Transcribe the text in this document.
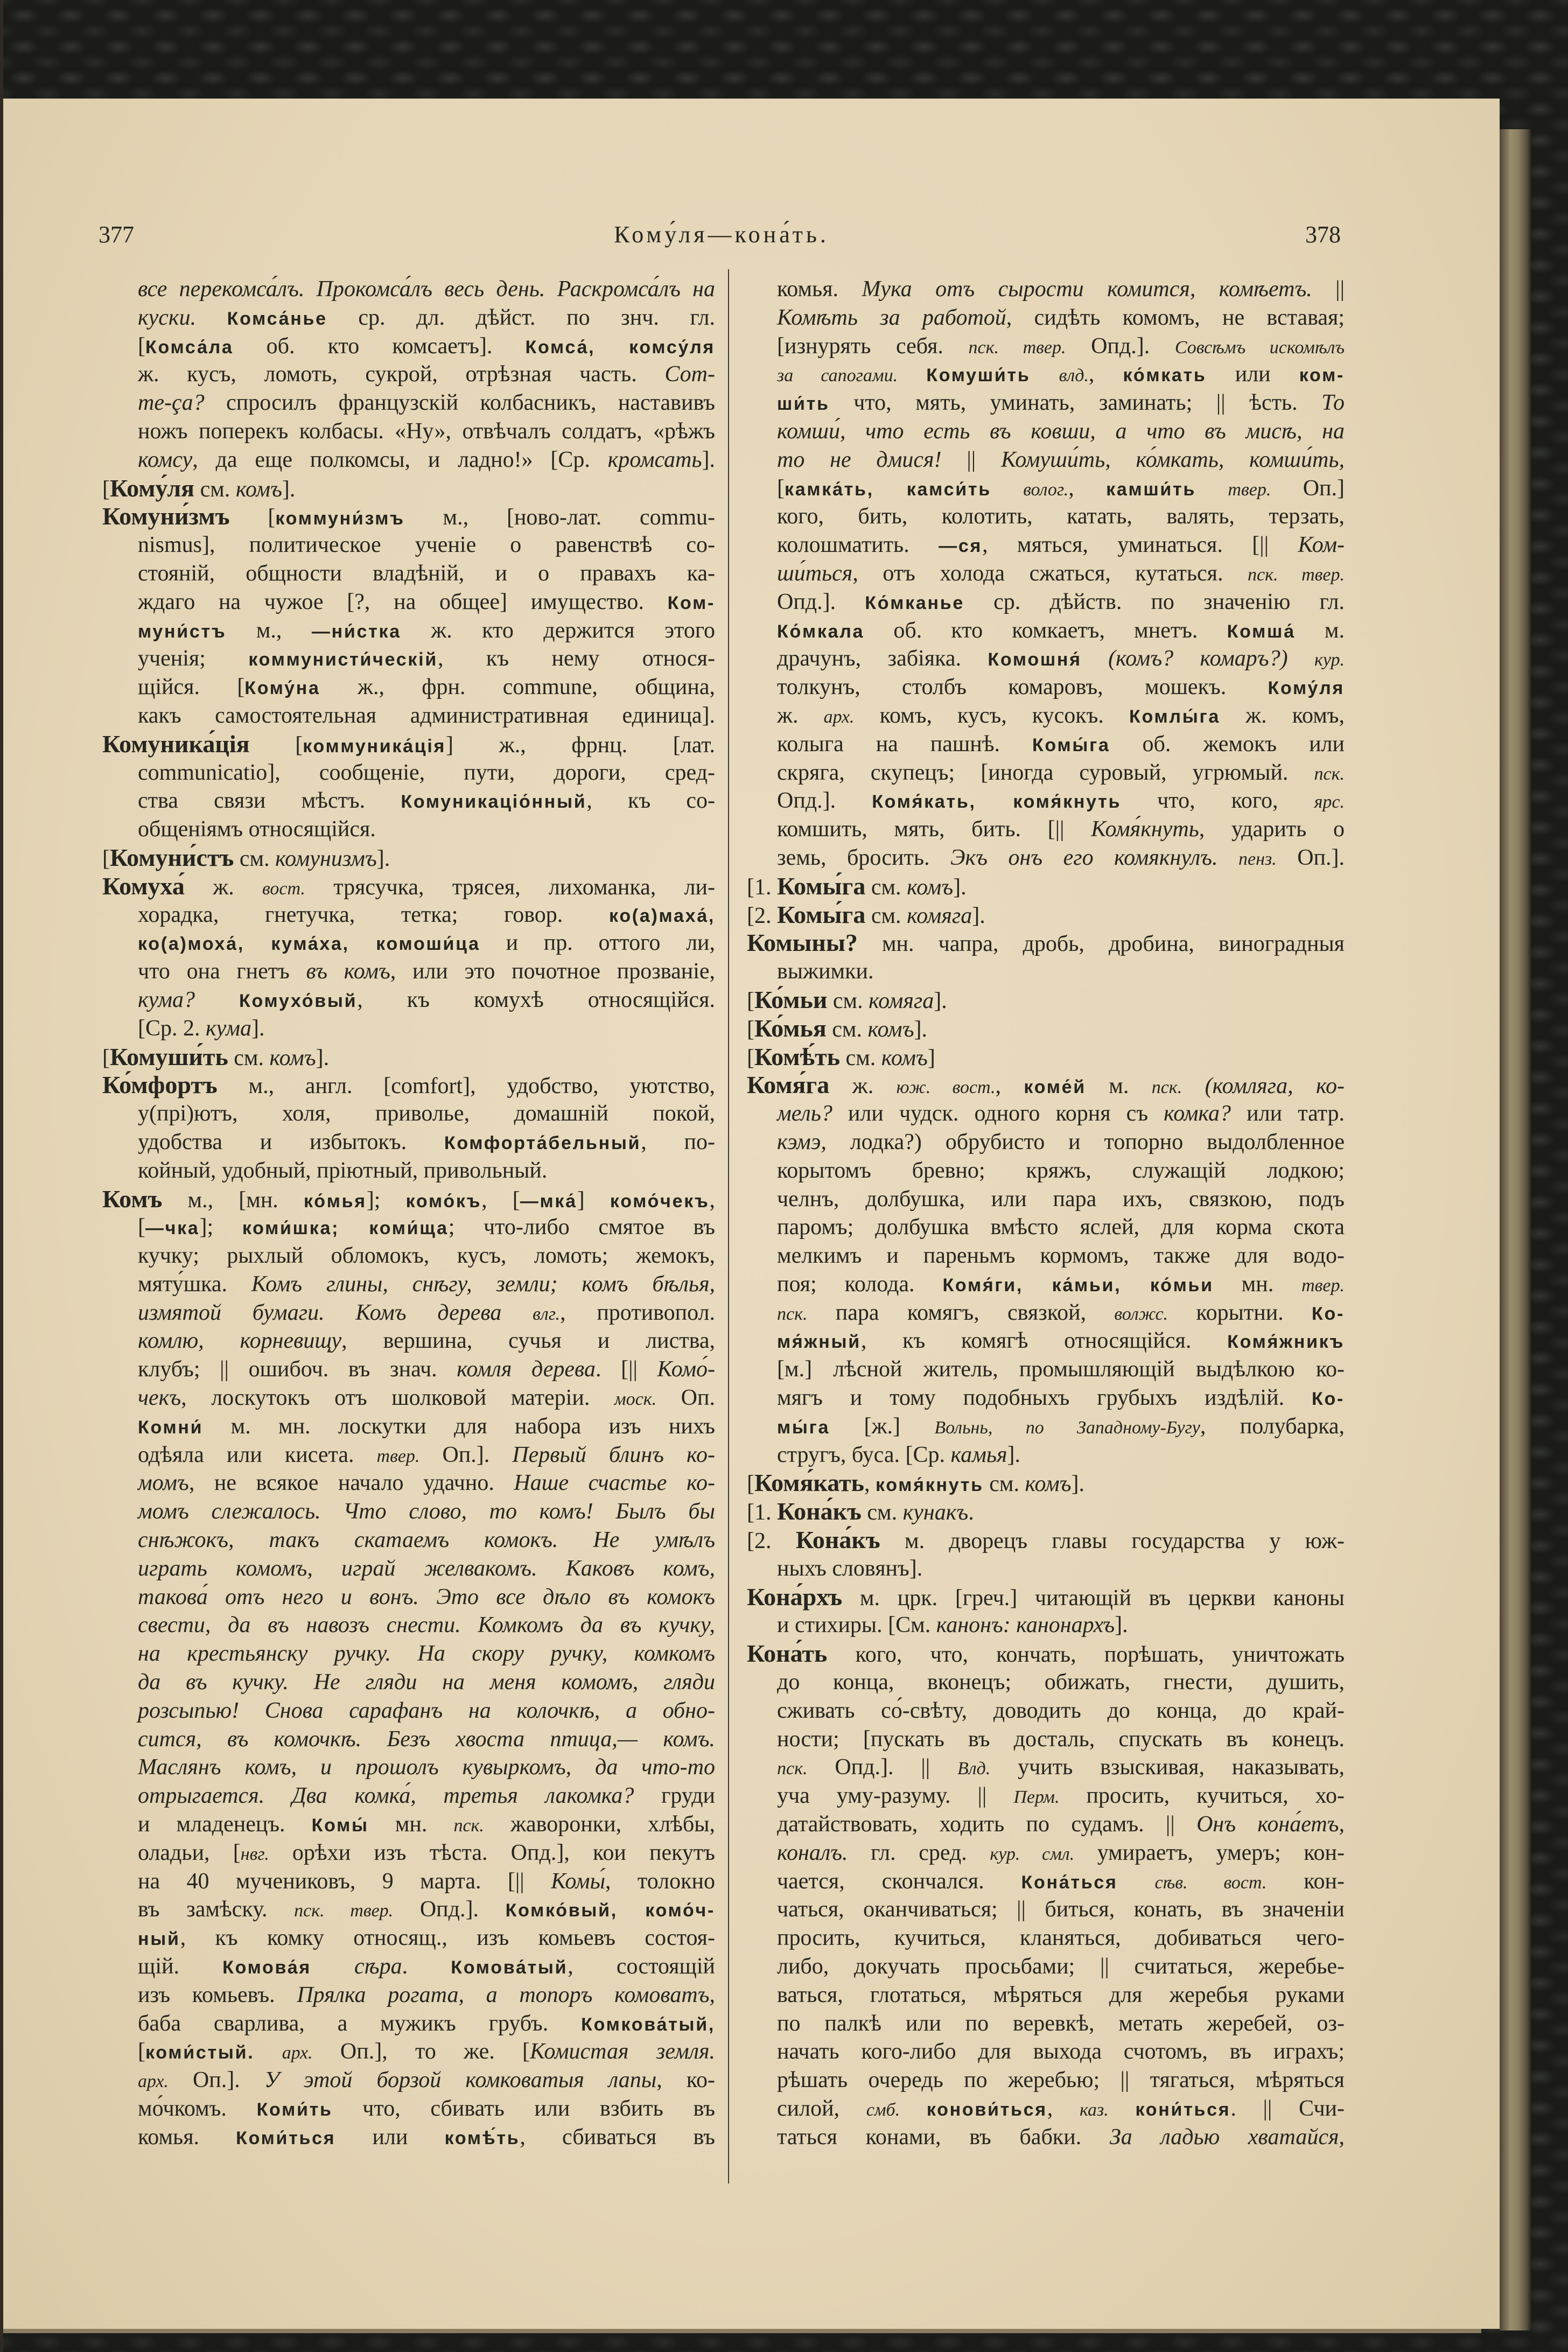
377	Кому́ля—кона́ть.	378
все перекомса́лъ. Прокомса́лъ весь день. Раскромса́лъ на
куски. Комса́нье ср. дл. дѣйст. по знч. гл.
[Комса́ла об. кто комсаетъ]. Комса́, комсу́ля
ж. кусъ, ломоть, сукрой, отрѣзная часть. Сот-
те-ça? спросилъ французскій колбасникъ, наставивъ
ножъ поперекъ колбасы. «Ну», отвѣчалъ солдатъ, «рѣжъ
комсу, да еще полкомсы, и ладно!» [Ср. кромсать].
[Кому́ля см. комъ].
Комуни́змъ [коммуни́змъ м., [ново-лат. commu-
nismus], политическое ученіе о равенствѣ со-
стояній, общности владѣній, и о правахъ ка-
ждаго на чужое [?, на общее] имущество. Ком-
муни́стъ м., —ни́стка ж. кто держится этого
ученія; коммунисти́ческій, къ нему относя-
щійся. [Кому́на ж., фрн. commune, община,
какъ самостоятельная административная единица].
Комуника́ція [коммуника́ція] ж., фрнц. [лат.
communicatio], сообщеніе, пути, дороги, сред-
ства связи мѣстъ. Комуникаціо́нный, къ со-
общеніямъ относящійся.
[Комуни́стъ см. комунизмъ].
Комуха́ ж. вост. трясучка, трясея, лихоманка, ли-
хорадка, гнетучка, тетка; говор. ко(а)маха́,
ко(а)моха́, кума́ха, комоши́ца и пр. оттого ли,
что она гнетъ въ комъ, или это почотное прозваніе,
кума? Комухо́вый, къ комухѣ относящійся.
[Ср. 2. кума].
[Комуши́ть см. комъ].
Ко́мфортъ м., англ. [comfort], удобство, уютство,
у(прі)ютъ, холя, приволье, домашній покой,
удобства и избытокъ. Комфорта́бельный, по-
койный, удобный, пріютный, привольный.
Комъ м., [мн. ко́мья]; комо́къ, [—мка́] комо́чекъ,
[—чка]; коми́шка; коми́ща; что-либо смятое въ
кучку; рыхлый обломокъ, кусъ, ломоть; жемокъ,
мяту́шка. Комъ глины, снѣгу, земли; комъ бѣлья,
измятой бумаги. Комъ дерева влг., противопол.
комлю, корневищу, вершина, сучья и листва,
клубъ; || ошибоч. въ знач. комля дерева. [|| Комо́-
чекъ, лоскутокъ отъ шолковой матеріи. моск. Оп.
Комни́ м. мн. лоскутки для набора изъ нихъ
одѣяла или кисета. твер. Оп.]. Первый блинъ ко-
момъ, не всякое начало удачно. Наше счастье ко-
момъ слежалось. Что слово, то комъ! Былъ бы
снѣжокъ, такъ скатаемъ комокъ. Не умѣлъ
играть комомъ, играй желвакомъ. Каковъ комъ,
такова́ отъ него и вонъ. Это все дѣло въ комокъ
свести, да въ навозъ снести. Комкомъ да въ кучку,
на крестьянску ручку. На скору ручку, комкомъ
да въ кучку. Не гляди на меня комомъ, гляди
розсыпью! Снова сарафанъ на колочкѣ, а обно-
сится, въ комочкѣ. Безъ хвоста птица,— комъ.
Маслянъ комъ, и прошолъ кувыркомъ, да что-то
отрыгается. Два комка́, третья лакомка? груди
и младенецъ. Комы́ мн. пск. жаворонки, хлѣбы,
оладьи, [нвг. орѣхи изъ тѣста. Опд.], кои пекутъ
на 40 мучениковъ, 9 марта. [|| Комы́, толокно
въ замѣску. пск. твер. Опд.]. Комко́вый, комо́ч-
ный, къ комку относящ., изъ комьевъ состоя-
щій. Комова́я сѣра. Комова́тый, состоящій
изъ комьевъ. Прялка рогата, а топоръ комоватъ,
баба сварлива, а мужикъ грубъ. Комкова́тый,
[коми́стый. арх. Оп.], то же. [Комистая земля.
арх. Оп.]. У этой борзой комковатыя лапы, ко-
мо́чкомъ. Коми́ть что, сбивать или взбить въ
комья. Коми́ться или комѣ́ть, сбиваться въ
комья. Мука отъ сырости комится, комѣетъ. ||
Комѣть за работой, сидѣть комомъ, не вставая;
[изнурять себя. пск. твер. Опд.]. Совсѣмъ искомѣлъ
за сапогами. Комуши́ть влд., ко́мкать или ком-
ши́ть что, мять, уминать, заминать; || ѣсть. То
комши́, что есть въ ковши, а что въ мисѣ, на
то не дмися! || Комуши́ть, ко́мкать, комши́ть,
[камка́ть, камси́ть волог., камши́ть твер. Оп.]
кого, бить, колотить, катать, валять, терзать,
колошматить. —ся, мяться, уминаться. [|| Ком-
ши́ться, отъ холода сжаться, кутаться. пск. твер.
Опд.]. Ко́мканье ср. дѣйств. по значенію гл.
Ко́мкала об. кто комкаетъ, мнетъ. Комша́ м.
драчунъ, забіяка. Комошня́ (комъ? комаръ?) кур.
толкунъ, столбъ комаровъ, мошекъ. Кому́ля
ж. арх. комъ, кусъ, кусокъ. Комлы́га ж. комъ,
колыга на пашнѣ. Комы́га об. жемокъ или
скряга, скупецъ; [иногда суровый, угрюмый. пск.
Опд.]. Комя́кать, комя́кнуть что, кого, ярс.
комшить, мять, бить. [|| Комя́кнуть, ударить о
земь, бросить. Экъ онъ его комякнулъ. пенз. Оп.].
[1. Комы́га см. комъ].
[2. Комы́га см. комяга].
Комыны? мн. чапра, дробь, дробина, виноградныя
выжимки.
[Ко́мьи см. комяга].
[Ко́мья см. комъ].
[Комѣ́ть см. комъ]
Комя́га ж. юж. вост., коме́й м. пск. (комляга, ко-
мель? или чудск. одного корня съ комка? или татр.
кэмэ, лодка?) обрубисто и топорно выдолбленное
корытомъ бревно; кряжъ, служащій лодкою;
челнъ, долбушка, или пара ихъ, связкою, подъ
паромъ; долбушка вмѣсто яслей, для корма скота
мелкимъ и пареньмъ кормомъ, также для водо-
поя; колода. Комя́ги, ка́мьи, ко́мьи мн. твер.
пск. пара комягъ, связкой, волжс. корытни. Ко-
мя́жный, къ комягѣ относящійся. Комя́жникъ
[м.] лѣсной житель, промышляющій выдѣлкою ко-
мягъ и тому подобныхъ грубыхъ издѣлій. Ко-
мы́га [ж.] Вольнь, по Западному-Бугу, полубарка,
стругъ, буса. [Ср. камья].
[Комя́кать, комя́кнуть см. комъ].
[1. Кона́къ см. кунакъ.
[2. Кона́къ м. дворецъ главы государства у юж-
ныхъ словянъ].
Кона́рхъ м. црк. [греч.] читающій въ церкви каноны
и стихиры. [См. канонъ: канонархъ].
Кона́ть кого, что, кончать, порѣшать, уничтожать
до конца, вконецъ; обижать, гнести, душить,
сживать со́-свѣту, доводить до конца, до край-
ности; [пускать въ досталь, спускать въ конецъ.
пск. Опд.]. || Влд. учить взыскивая, наказывать,
уча уму-разуму. || Перм. просить, кучиться, хо-
датайствовать, ходить по судамъ. || Онъ кона́етъ,
коналъ. гл. сред. кур. смл. умираетъ, умеръ; кон-
чается, скончался. Кона́ться сѣв. вост. кон-
чаться, оканчиваться; || биться, конать, въ значеніи
просить, кучиться, кланяться, добиваться чего-
либо, докучать просьбами; || считаться, жеребье-
ваться, глотаться, мѣряться для жеребья руками
по палкѣ или по веревкѣ, метать жеребей, оз-
начать кого-либо для выхода счотомъ, въ играхъ;
рѣшать очередь по жеребью; || тягаться, мѣряться
силой, смб. конови́ться, каз. кони́ться. || Счи-
таться конами, въ бабки. За ладью хватайся,
